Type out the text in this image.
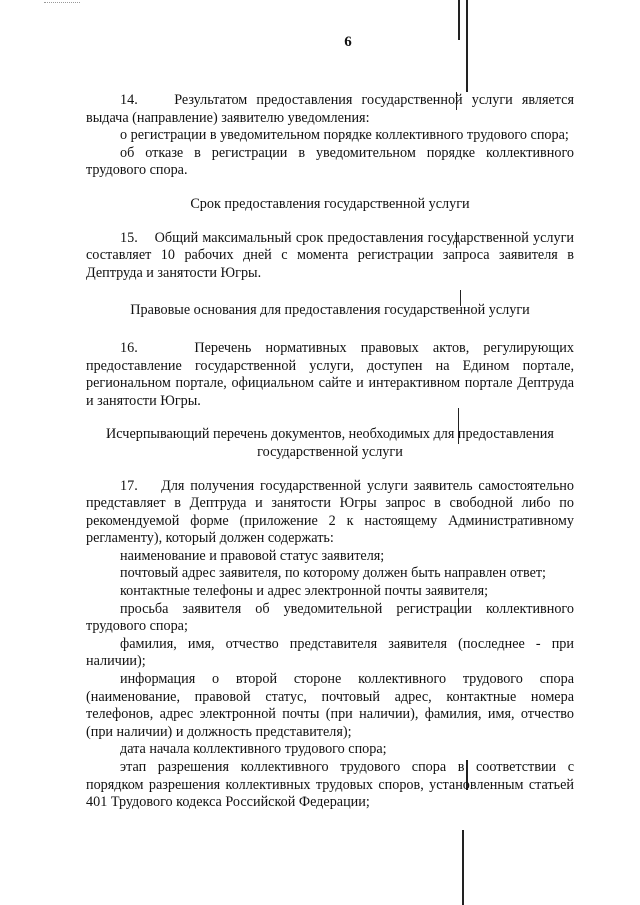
6

14.    Результатом предоставления государственной услуги является выдача (направление) заявителю уведомления:

о регистрации в уведомительном порядке коллективного трудового спора;

об отказе в регистрации в уведомительном порядке коллективного трудового спора.

Срок предоставления государственной услуги

15.    Общий максимальный срок предоставления государственной услуги составляет 10 рабочих дней с момента регистрации запроса заявителя в Дептруда и занятости Югры.

Правовые основания для предоставления государственной услуги

16.    Перечень нормативных правовых актов, регулирующих предоставление государственной услуги, доступен на Едином портале, региональном портале, официальном сайте и интерактивном портале Дептруда и занятости Югры.

Исчерпывающий перечень документов, необходимых для предоставления государственной услуги

17.    Для получения государственной услуги заявитель самостоятельно представляет в Дептруда и занятости Югры запрос в свободной либо по рекомендуемой форме (приложение 2 к настоящему Административному регламенту), который должен содержать:

наименование и правовой статус заявителя;

почтовый адрес заявителя, по которому должен быть направлен ответ;

контактные телефоны и адрес электронной почты заявителя;

просьба заявителя об уведомительной регистрации коллективного трудового спора;

фамилия, имя, отчество представителя заявителя (последнее - при наличии);

информация о второй стороне коллективного трудового спора (наименование, правовой статус, почтовый адрес, контактные номера телефонов, адрес электронной почты (при наличии), фамилия, имя, отчество (при наличии) и должность представителя);

дата начала коллективного трудового спора;

этап разрешения коллективного трудового спора в соответствии с порядком разрешения коллективных трудовых споров, установленным статьей 401 Трудового кодекса Российской Федерации;
